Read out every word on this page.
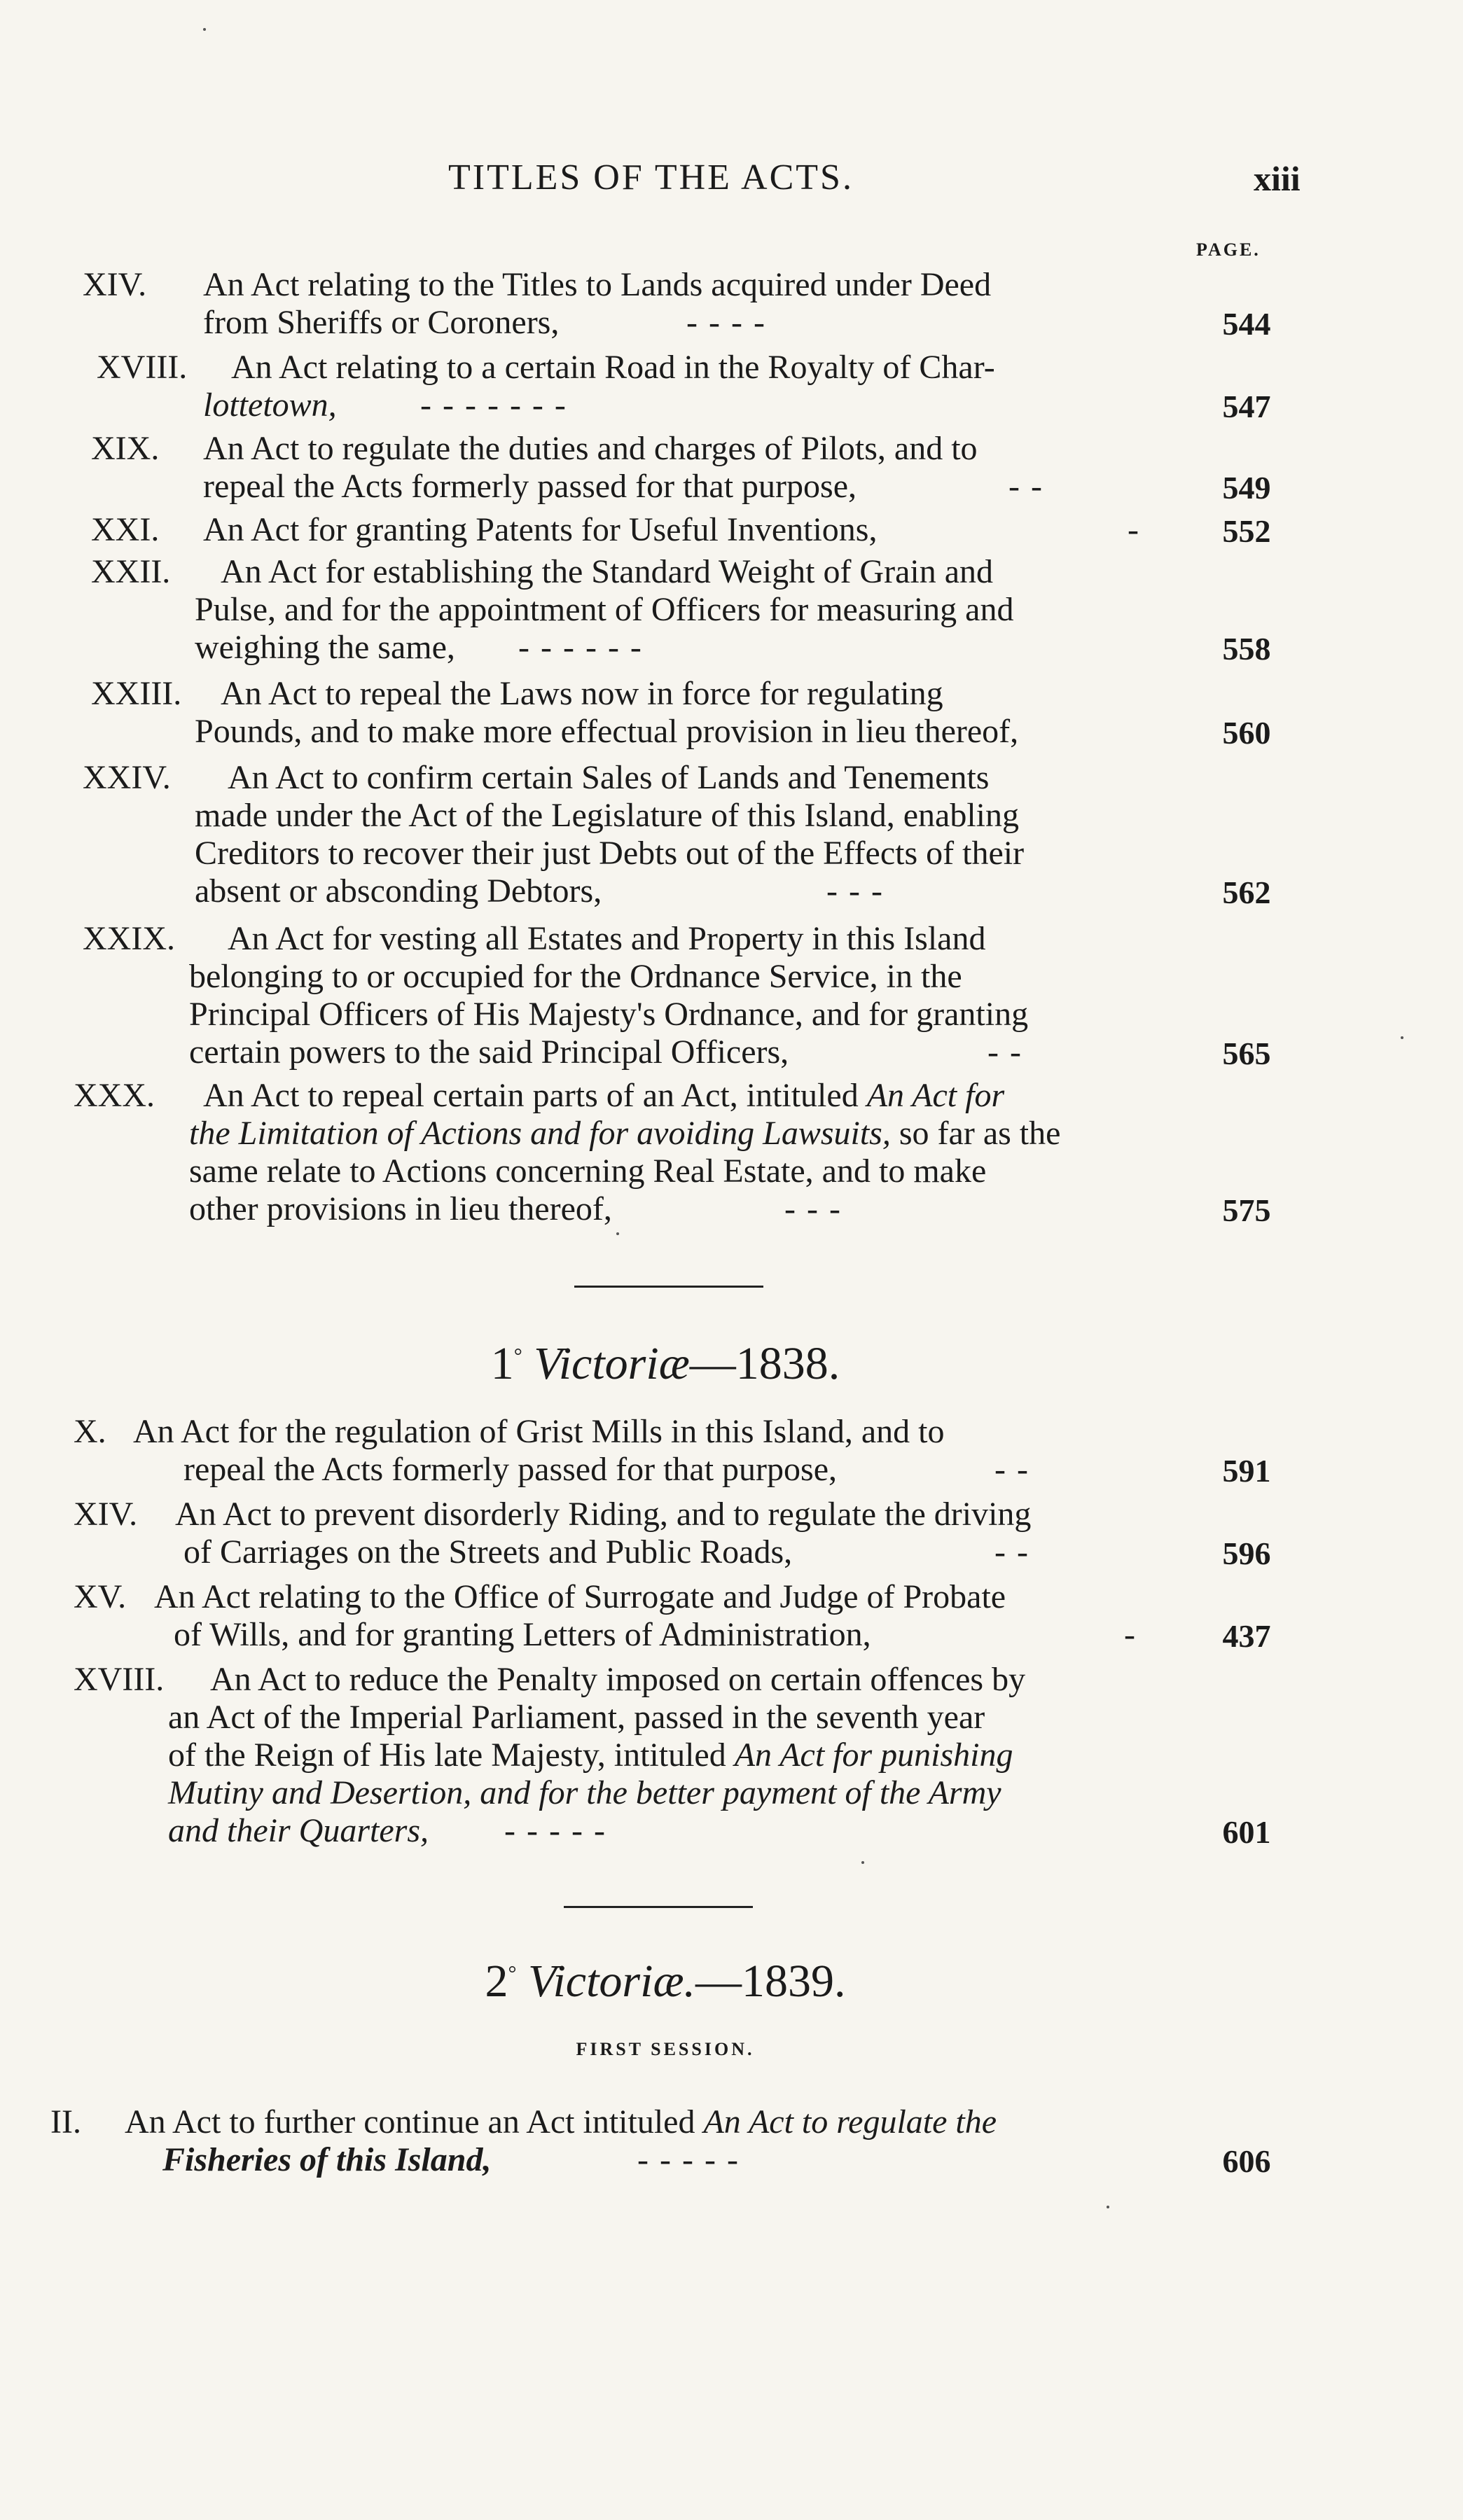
TITLES OF THE ACTS.	xiii
PAGE.
XIV. An Act relating to the Titles to Lands acquired under Deed
from Sheriffs or Coroners,	- - - -	544
XVIII. An Act relating to a certain Road in the Royalty of Char-
lottetown, - - - - - - -	547
XIX. An Act to regulate the duties and charges of Pilots, and to
repeal the Acts formerly passed for that purpose,	- -	549
XXI. An Act for granting Patents for Useful Inventions,	-	552
XXII. An Act for establishing the Standard Weight of Grain and
Pulse, and for the appointment of Officers for measuring and
weighing the same, - - - - - -	558
XXIII. An Act to repeal the Laws now in force for regulating
Pounds, and to make more effectual provision in lieu thereof,	560
XXIV. An Act to confirm certain Sales of Lands and Tenements
made under the Act of the Legislature of this Island, enabling
Creditors to recover their just Debts out of the Effects of their
absent or absconding Debtors,	- - -	562
XXIX. An Act for vesting all Estates and Property in this Island
belonging to or occupied for the Ordnance Service, in the
Principal Officers of His Majesty's Ordnance, and for granting
certain powers to the said Principal Officers,	- -	565
XXX. An Act to repeal certain parts of an Act, intituled An Act for
the Limitation of Actions and for avoiding Lawsuits, so far as the
same relate to Actions concerning Real Estate, and to make
other provisions in lieu thereof,	- - -	575
1° Victoriæ—1838.
X. An Act for the regulation of Grist Mills in this Island, and to
repeal the Acts formerly passed for that purpose,	- -	591
XIV. An Act to prevent disorderly Riding, and to regulate the driving
of Carriages on the Streets and Public Roads,	- -	596
XV. An Act relating to the Office of Surrogate and Judge of Probate
of Wills, and for granting Letters of Administration,	-	437
XVIII. An Act to reduce the Penalty imposed on certain offences by
an Act of the Imperial Parliament, passed in the seventh year
of the Reign of His late Majesty, intituled An Act for punishing
Mutiny and Desertion, and for the better payment of the Army
and their Quarters, - - - - -	601
2° Victoriæ.—1839.
FIRST SESSION.
II. An Act to further continue an Act intituled An Act to regulate the
Fisheries of this Island,	- - - - -	606
